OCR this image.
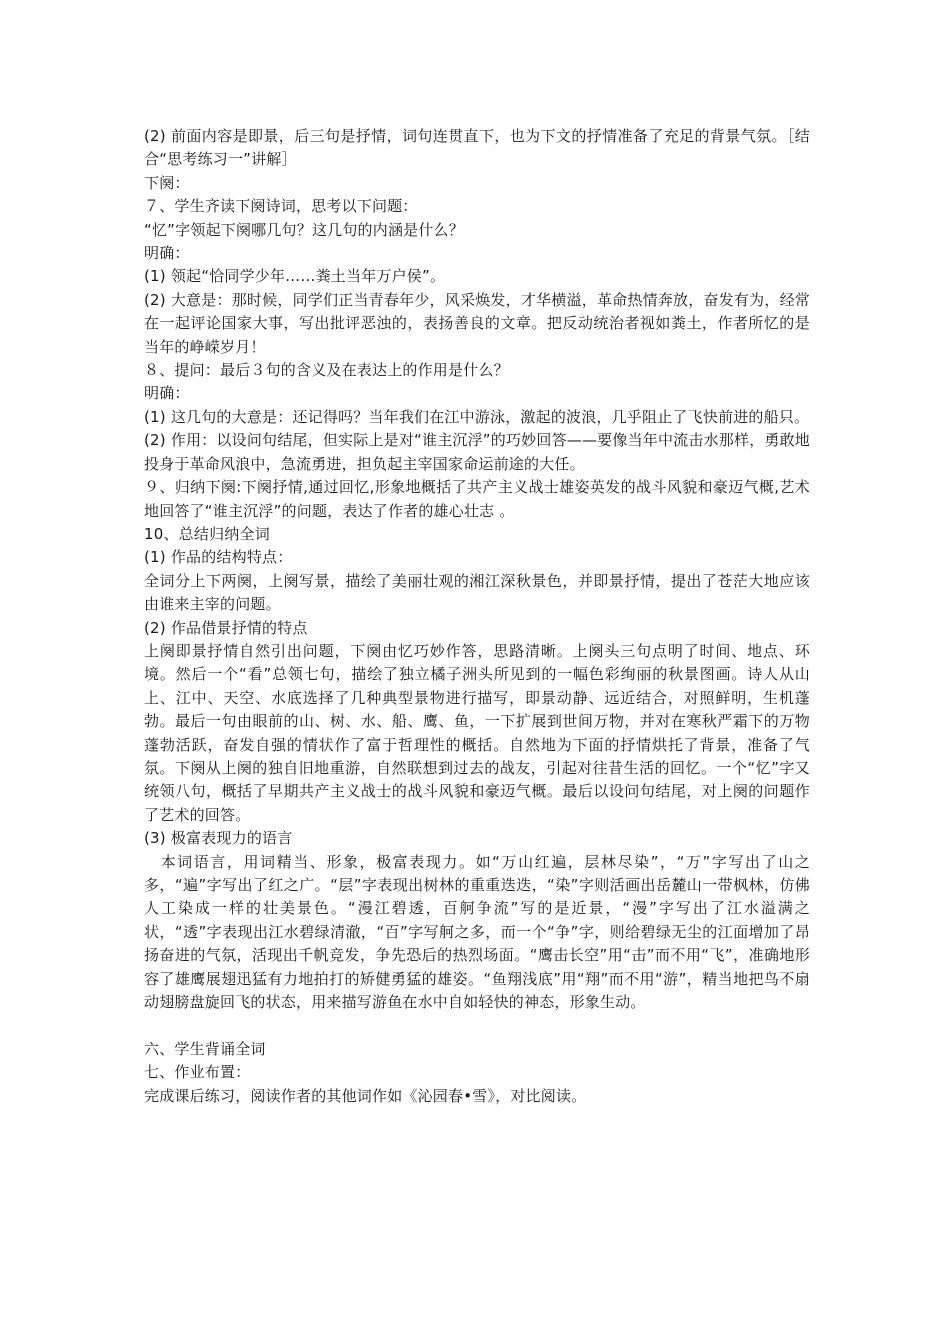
(2) 前面内容是即景，后三句是抒情，词句连贯直下，也为下文的抒情准备了充足的背景气氛。［结合“思考练习一”讲解］

下阕：

７、学生齐读下阕诗词，思考以下问题：

“忆”字领起下阕哪几句？这几句的内涵是什么？

明确：

(1) 领起“恰同学少年……粪土当年万户侯”。

(2) 大意是：那时候，同学们正当青春年少，风采焕发，才华横溢，革命热情奔放，奋发有为，经常在一起评论国家大事，写出批评恶浊的，表扬善良的文章。把反动统治者视如粪土，作者所忆的是当年的峥嵘岁月！

８、提问：最后３句的含义及在表达上的作用是什么？

明确：

(1) 这几句的大意是：还记得吗？当年我们在江中游泳，激起的波浪，几乎阻止了飞快前进的船只。

(2) 作用：以设问句结尾，但实际上是对“谁主沉浮”的巧妙回答——要像当年中流击水那样，勇敢地投身于革命风浪中，急流勇进，担负起主宰国家命运前途的大任。

９、归纳下阕:下阕抒情,通过回忆,形象地概括了共产主义战士雄姿英发的战斗风貌和豪迈气概,艺术地回答了“谁主沉浮”的问题，表达了作者的雄心壮志 。

10、总结归纳全词

(1) 作品的结构特点：

全词分上下两阕，上阕写景，描绘了美丽壮观的湘江深秋景色，并即景抒情，提出了苍茫大地应该由谁来主宰的问题。

(2) 作品借景抒情的特点

上阕即景抒情自然引出问题，下阕由忆巧妙作答，思路清晰。上阕头三句点明了时间、地点、环境。然后一个“看”总领七句，描绘了独立橘子洲头所见到的一幅色彩绚丽的秋景图画。诗人从山上、江中、天空、水底选择了几种典型景物进行描写，即景动静、远近结合，对照鲜明，生机蓬勃。最后一句由眼前的山、树、水、船、鹰、鱼，一下扩展到世间万物，并对在寒秋严霜下的万物蓬勃活跃，奋发自强的情状作了富于哲理性的概括。自然地为下面的抒情烘托了背景，准备了气氛。下阕从上阕的独自旧地重游，自然联想到过去的战友，引起对往昔生活的回忆。一个“忆”字又统领八句，概括了早期共产主义战士的战斗风貌和豪迈气概。最后以设问句结尾，对上阕的问题作了艺术的回答。

(3) 极富表现力的语言

　本词语言，用词精当、形象，极富表现力。如“万山红遍，层林尽染”，“万”字写出了山之多，“遍”字写出了红之广。“层”字表现出树林的重重迭迭，“染”字则活画出岳麓山一带枫林，仿佛人工染成一样的壮美景色。“漫江碧透，百舸争流”写的是近景，“漫”字写出了江水溢满之状，“透”字表现出江水碧绿清澈，“百”字写舸之多，而一个“争”字，则给碧绿无尘的江面增加了昂扬奋进的气氛，活现出千帆竞发，争先恐后的热烈场面。“鹰击长空”用“击”而不用“飞”，准确地形容了雄鹰展翅迅猛有力地拍打的矫健勇猛的雄姿。“鱼翔浅底”用“翔”而不用“游”，精当地把鸟不扇动翅膀盘旋回飞的状态，用来描写游鱼在水中自如轻快的神态，形象生动。

六、学生背诵全词

七、作业布置：

完成课后练习，阅读作者的其他词作如《沁园春•雪》，对比阅读。
